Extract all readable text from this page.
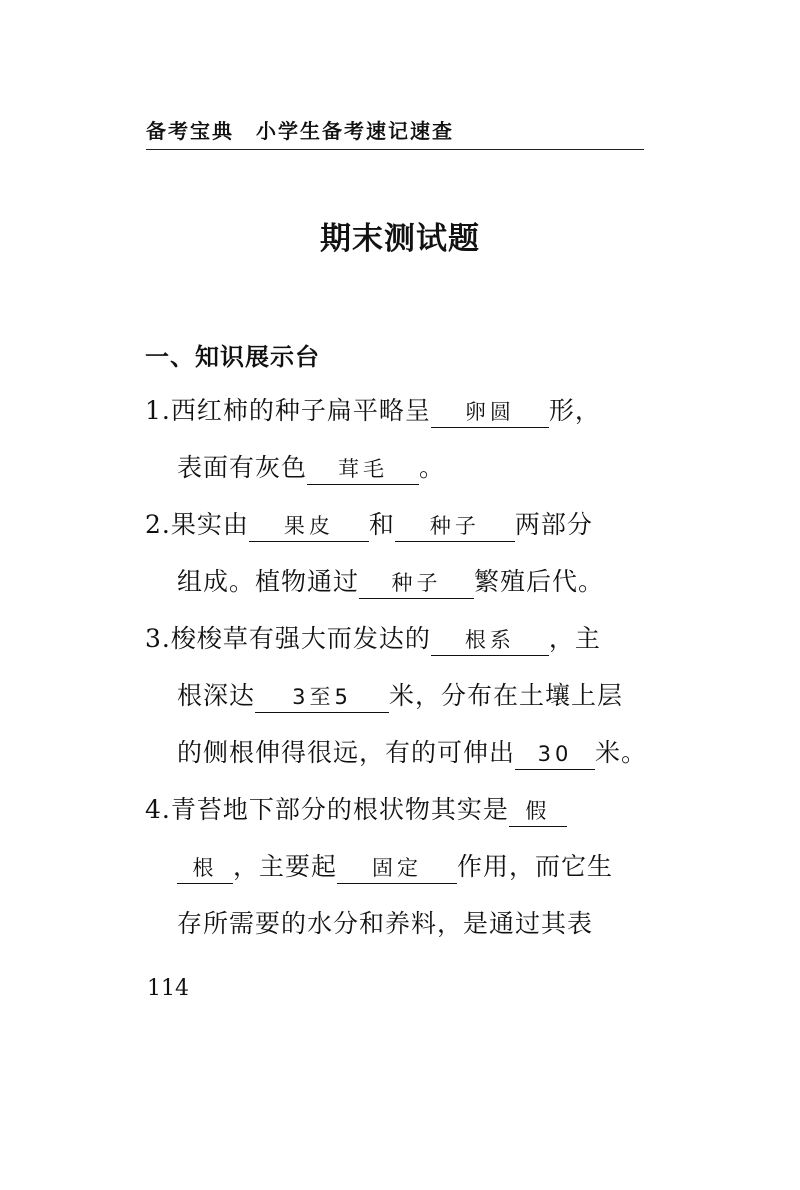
备考宝典 小学生备考速记速查
期末测试题
一、知识展示台
1.西红柿的种子扁平略呈 卵圆 形，
表面有灰色 茸毛 。
2.果实由 果皮 和 种子 两部分
组成。植物通过 种子 繁殖后代。
3.梭梭草有强大而发达的 根系 ，主
根深达 3至5 米，分布在土壤上层
的侧根伸得很远，有的可伸出 30 米。
4.青苔地下部分的根状物其实是 假
根 ，主要起 固定 作用，而它生
存所需要的水分和养料，是通过其表
114
